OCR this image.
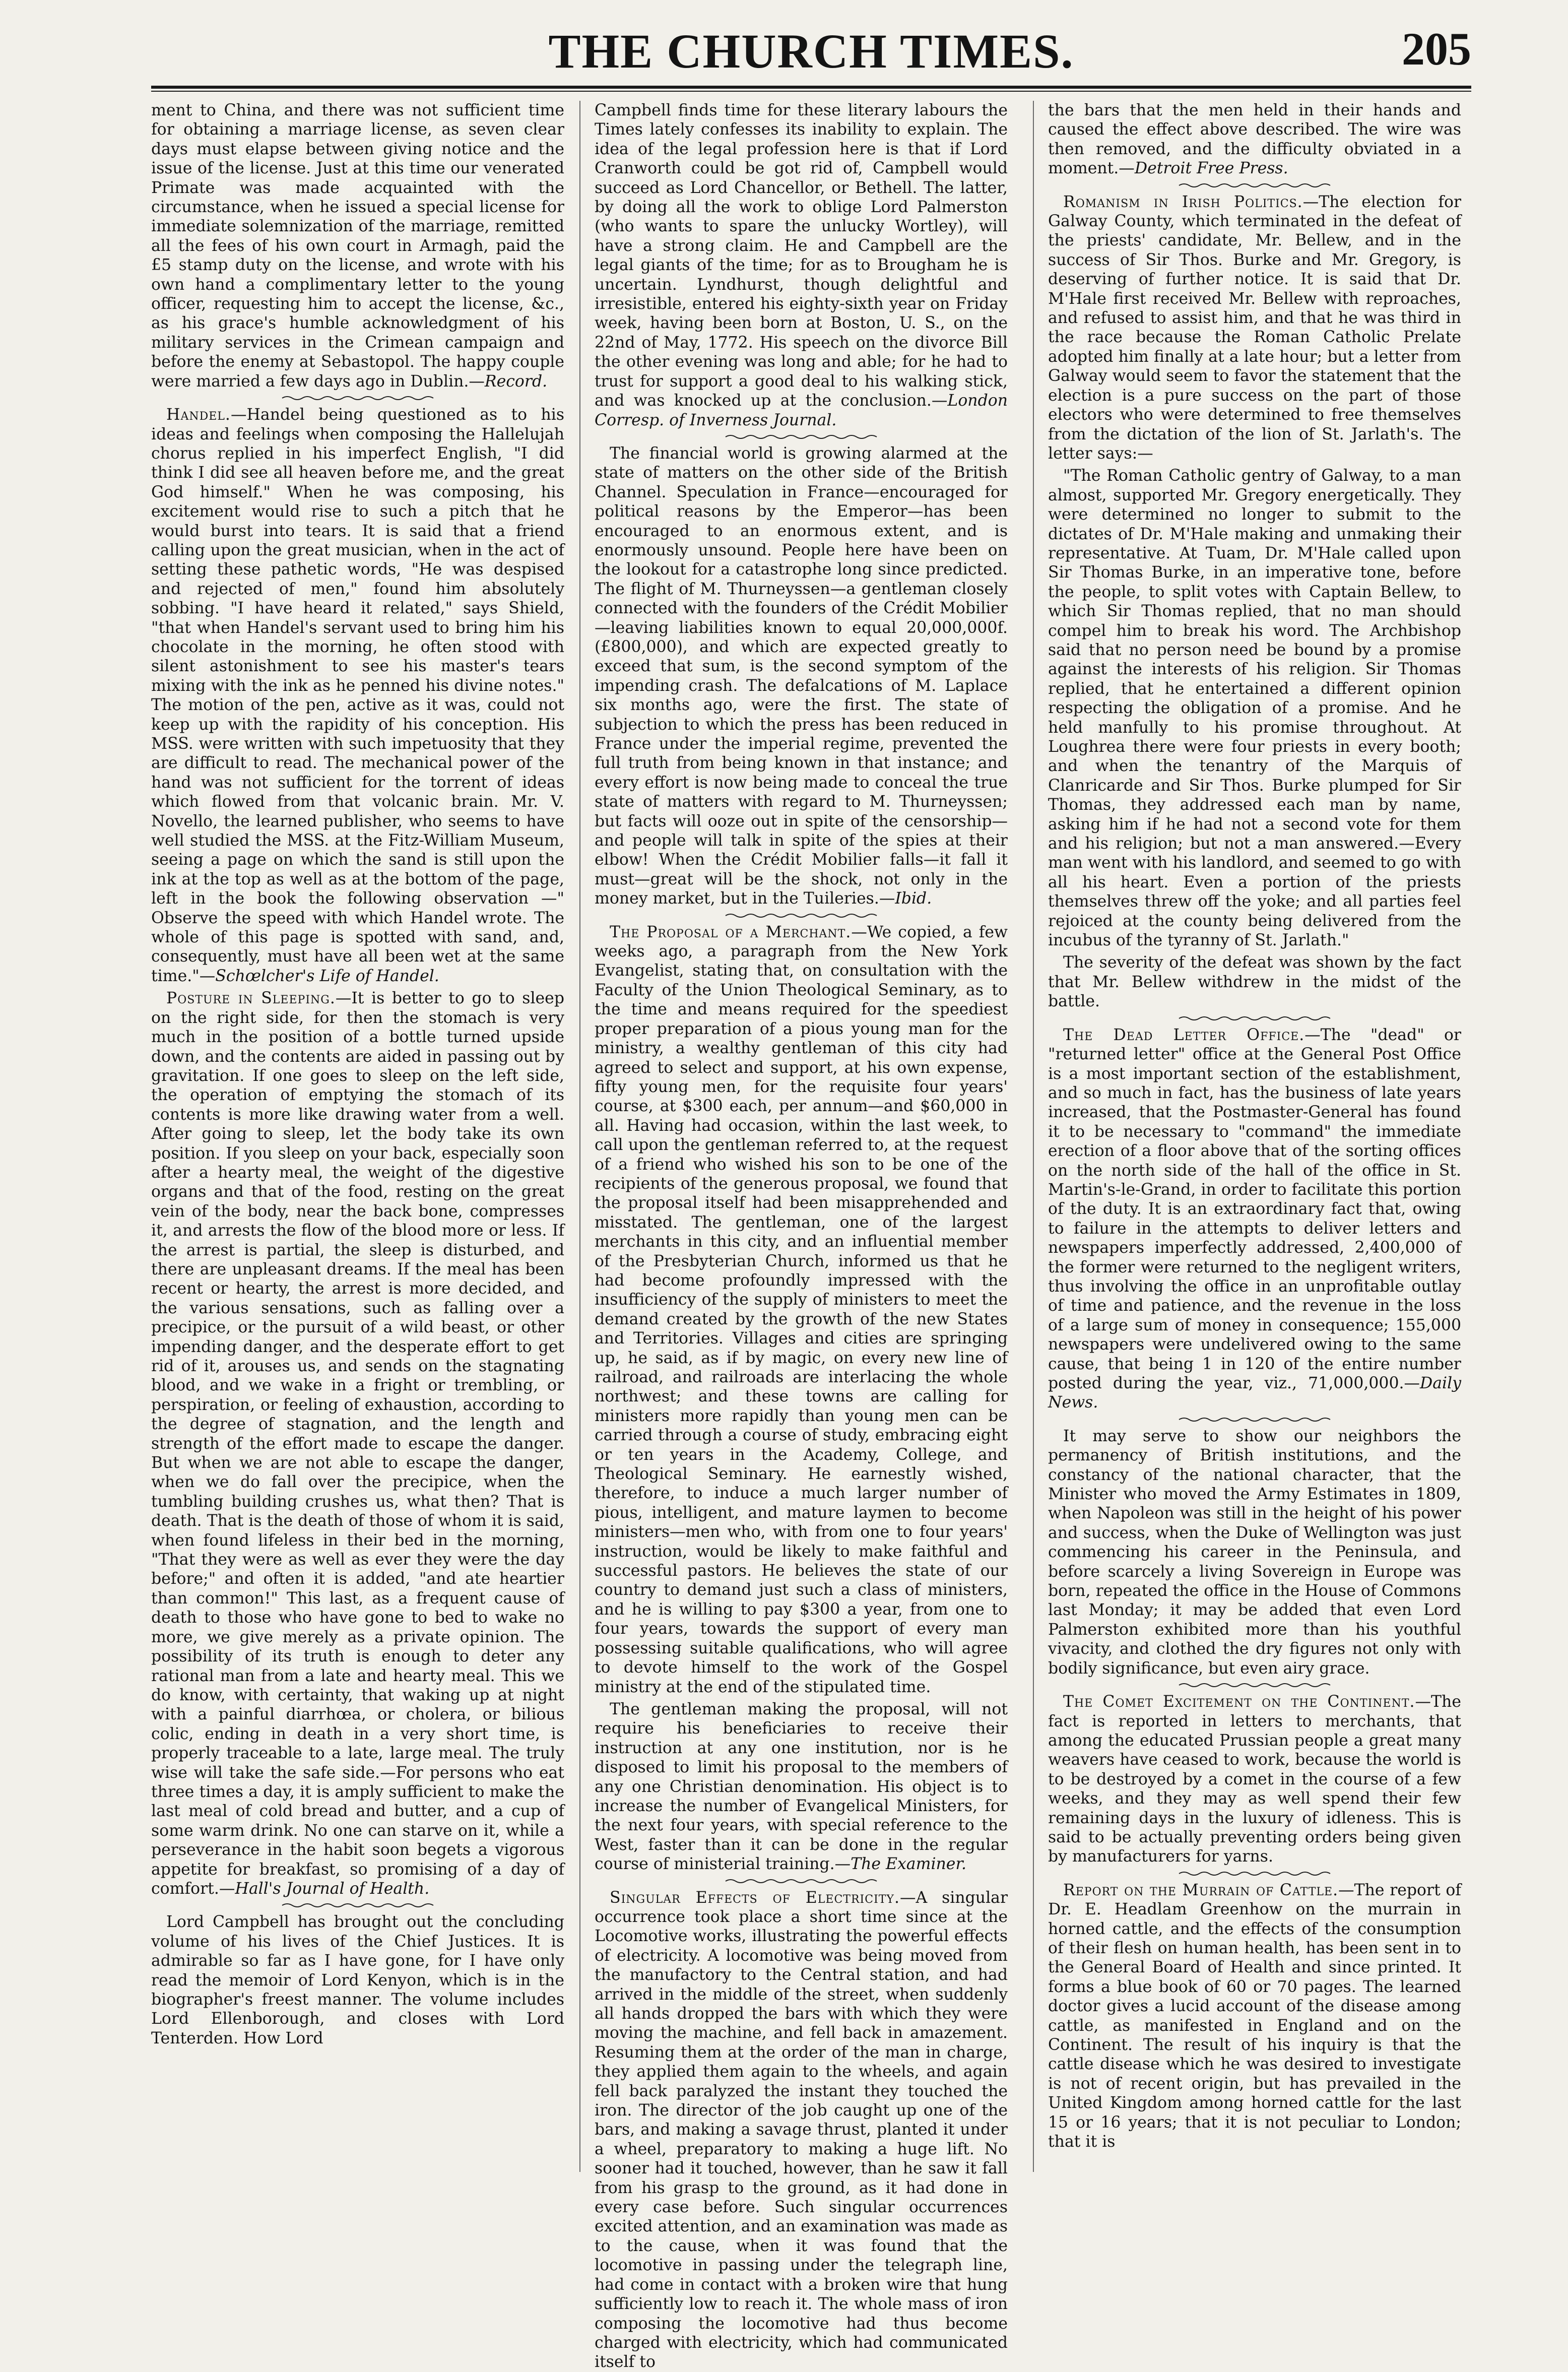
THE CHURCH TIMES.	205

ment to China, and there was not sufficient time for obtaining a marriage license, as seven clear days must elapse between giving notice and the issue of the license. Just at this time our venerated Primate was made acquainted with the circumstance, when he issued a special license for immediate solemnization of the marriage, remitted all the fees of his own court in Armagh, paid the £5 stamp duty on the license, and wrote with his own hand a complimentary letter to the young officer, requesting him to accept the license, &c., as his grace's humble acknowledgment of his military services in the Crimean campaign and before the enemy at Sebastopol. The happy couple were married a few days ago in Dublin.—Record.

Handel.—Handel being questioned as to his ideas and feelings when composing the Hallelujah chorus replied in his imperfect English, "I did think I did see all heaven before me, and the great God himself." When he was composing, his excitement would rise to such a pitch that he would burst into tears. It is said that a friend calling upon the great musician, when in the act of setting these pathetic words, "He was despised and rejected of men," found him absolutely sobbing. "I have heard it related," says Shield, "that when Handel's servant used to bring him his chocolate in the morning, he often stood with silent astonishment to see his master's tears mixing with the ink as he penned his divine notes." The motion of the pen, active as it was, could not keep up with the rapidity of his conception. His MSS. were written with such impetuosity that they are difficult to read. The mechanical power of the hand was not sufficient for the torrent of ideas which flowed from that volcanic brain. Mr. V. Novello, the learned publisher, who seems to have well studied the MSS. at the Fitz-William Museum, seeing a page on which the sand is still upon the ink at the top as well as at the bottom of the page, left in the book the following observation —" Observe the speed with which Handel wrote. The whole of this page is spotted with sand, and, consequently, must have all been wet at the same time."—Schœlcher's Life of Handel.

Posture in Sleeping.—It is better to go to sleep on the right side, for then the stomach is very much in the position of a bottle turned upside down, and the contents are aided in passing out by gravitation. If one goes to sleep on the left side, the operation of emptying the stomach of its contents is more like drawing water from a well. After going to sleep, let the body take its own position. If you sleep on your back, especially soon after a hearty meal, the weight of the digestive organs and that of the food, resting on the great vein of the body, near the back bone, compresses it, and arrests the flow of the blood more or less. If the arrest is partial, the sleep is disturbed, and there are unpleasant dreams. If the meal has been recent or hearty, the arrest is more decided, and the various sensations, such as falling over a precipice, or the pursuit of a wild beast, or other impending danger, and the desperate effort to get rid of it, arouses us, and sends on the stagnating blood, and we wake in a fright or trembling, or perspiration, or feeling of exhaustion, according to the degree of stagnation, and the length and strength of the effort made to escape the danger. But when we are not able to escape the danger, when we do fall over the precipice, when the tumbling building crushes us, what then? That is death. That is the death of those of whom it is said, when found lifeless in their bed in the morning, "That they were as well as ever they were the day before;" and often it is added, "and ate heartier than common!" This last, as a frequent cause of death to those who have gone to bed to wake no more, we give merely as a private opinion. The possibility of its truth is enough to deter any rational man from a late and hearty meal. This we do know, with certainty, that waking up at night with a painful diarrhœa, or cholera, or bilious colic, ending in death in a very short time, is properly traceable to a late, large meal. The truly wise will take the safe side.—For persons who eat three times a day, it is amply sufficient to make the last meal of cold bread and butter, and a cup of some warm drink. No one can starve on it, while a perseverance in the habit soon begets a vigorous appetite for breakfast, so promising of a day of comfort.—Hall's Journal of Health.

Lord Campbell has brought out the concluding volume of his lives of the Chief Justices. It is admirable so far as I have gone, for I have only read the memoir of Lord Kenyon, which is in the biographer's freest manner. The volume includes Lord Ellenborough, and closes with Lord Tenterden. How Lord

Campbell finds time for these literary labours the Times lately confesses its inability to explain. The idea of the legal profession here is that if Lord Cranworth could be got rid of, Campbell would succeed as Lord Chancellor, or Bethell. The latter, by doing all the work to oblige Lord Palmerston (who wants to spare the unlucky Wortley), will have a strong claim. He and Campbell are the legal giants of the time; for as to Brougham he is uncertain. Lyndhurst, though delightful and irresistible, entered his eighty-sixth year on Friday week, having been born at Boston, U. S., on the 22nd of May, 1772. His speech on the divorce Bill the other evening was long and able; for he had to trust for support a good deal to his walking stick, and was knocked up at the conclusion.—London Corresp. of Inverness Journal.

The financial world is growing alarmed at the state of matters on the other side of the British Channel. Speculation in France—encouraged for political reasons by the Emperor—has been encouraged to an enormous extent, and is enormously unsound. People here have been on the lookout for a catastrophe long since predicted. The flight of M. Thurneyssen—a gentleman closely connected with the founders of the Crédit Mobilier—leaving liabilities known to equal 20,000,000f. (£800,000), and which are expected greatly to exceed that sum, is the second symptom of the impending crash. The defalcations of M. Laplace six months ago, were the first. The state of subjection to which the press has been reduced in France under the imperial regime, prevented the full truth from being known in that instance; and every effort is now being made to conceal the true state of matters with regard to M. Thurneyssen; but facts will ooze out in spite of the censorship—and people will talk in spite of the spies at their elbow! When the Crédit Mobilier falls—it fall it must—great will be the shock, not only in the money market, but in the Tuileries.—Ibid.

The Proposal of a Merchant.—We copied, a few weeks ago, a paragraph from the New York Evangelist, stating that, on consultation with the Faculty of the Union Theological Seminary, as to the time and means required for the speediest proper preparation of a pious young man for the ministry, a wealthy gentleman of this city had agreed to select and support, at his own expense, fifty young men, for the requisite four years' course, at $300 each, per annum—and $60,000 in all. Having had occasion, within the last week, to call upon the gentleman referred to, at the request of a friend who wished his son to be one of the recipients of the generous proposal, we found that the proposal itself had been misapprehended and misstated. The gentleman, one of the largest merchants in this city, and an influential member of the Presbyterian Church, informed us that he had become profoundly impressed with the insufficiency of the supply of ministers to meet the demand created by the growth of the new States and Territories. Villages and cities are springing up, he said, as if by magic, on every new line of railroad, and railroads are interlacing the whole northwest; and these towns are calling for ministers more rapidly than young men can be carried through a course of study, embracing eight or ten years in the Academy, College, and Theological Seminary. He earnestly wished, therefore, to induce a much larger number of pious, intelligent, and mature laymen to become ministers—men who, with from one to four years' instruction, would be likely to make faithful and successful pastors. He believes the state of our country to demand just such a class of ministers, and he is willing to pay $300 a year, from one to four years, towards the support of every man possessing suitable qualifications, who will agree to devote himself to the work of the Gospel ministry at the end of the stipulated time.

The gentleman making the proposal, will not require his beneficiaries to receive their instruction at any one institution, nor is he disposed to limit his proposal to the members of any one Christian denomination. His object is to increase the number of Evangelical Ministers, for the next four years, with special reference to the West, faster than it can be done in the regular course of ministerial training.—The Examiner.

Singular Effects of Electricity.—A singular occurrence took place a short time since at the Locomotive works, illustrating the powerful effects of electricity. A locomotive was being moved from the manufactory to the Central station, and had arrived in the middle of the street, when suddenly all hands dropped the bars with which they were moving the machine, and fell back in amazement. Resuming them at the order of the man in charge, they applied them again to the wheels, and again fell back paralyzed the instant they touched the iron. The director of the job caught up one of the bars, and making a savage thrust, planted it under a wheel, preparatory to making a huge lift. No sooner had it touched, however, than he saw it fall from his grasp to the ground, as it had done in every case before. Such singular occurrences excited attention, and an examination was made as to the cause, when it was found that the locomotive in passing under the telegraph line, had come in contact with a broken wire that hung sufficiently low to reach it. The whole mass of iron composing the locomotive had thus become charged with electricity, which had communicated itself to

the bars that the men held in their hands and caused the effect above described. The wire was then removed, and the difficulty obviated in a moment.—Detroit Free Press.

Romanism in Irish Politics.—The election for Galway County, which terminated in the defeat of the priests' candidate, Mr. Bellew, and in the success of Sir Thos. Burke and Mr. Gregory, is deserving of further notice. It is said that Dr. M'Hale first received Mr. Bellew with reproaches, and refused to assist him, and that he was third in the race because the Roman Catholic Prelate adopted him finally at a late hour; but a letter from Galway would seem to favor the statement that the election is a pure success on the part of those electors who were determined to free themselves from the dictation of the lion of St. Jarlath's. The letter says:—

"The Roman Catholic gentry of Galway, to a man almost, supported Mr. Gregory energetically. They were determined no longer to submit to the dictates of Dr. M'Hale making and unmaking their representative. At Tuam, Dr. M'Hale called upon Sir Thomas Burke, in an imperative tone, before the people, to split votes with Captain Bellew, to which Sir Thomas replied, that no man should compel him to break his word. The Archbishop said that no person need be bound by a promise against the interests of his religion. Sir Thomas replied, that he entertained a different opinion respecting the obligation of a promise. And he held manfully to his promise throughout. At Loughrea there were four priests in every booth; and when the tenantry of the Marquis of Clanricarde and Sir Thos. Burke plumped for Sir Thomas, they addressed each man by name, asking him if he had not a second vote for them and his religion; but not a man answered.—Every man went with his landlord, and seemed to go with all his heart. Even a portion of the priests themselves threw off the yoke; and all parties feel rejoiced at the county being delivered from the incubus of the tyranny of St. Jarlath."

The severity of the defeat was shown by the fact that Mr. Bellew withdrew in the midst of the battle.

The Dead Letter Office.—The "dead" or "returned letter" office at the General Post Office is a most important section of the establishment, and so much in fact, has the business of late years increased, that the Postmaster-General has found it to be necessary to "command" the immediate erection of a floor above that of the sorting offices on the north side of the hall of the office in St. Martin's-le-Grand, in order to facilitate this portion of the duty. It is an extraordinary fact that, owing to failure in the attempts to deliver letters and newspapers imperfectly addressed, 2,400,000 of the former were returned to the negligent writers, thus involving the office in an unprofitable outlay of time and patience, and the revenue in the loss of a large sum of money in consequence; 155,000 newspapers were undelivered owing to the same cause, that being 1 in 120 of the entire number posted during the year, viz., 71,000,000.—Daily News.

It may serve to show our neighbors the permanency of British institutions, and the constancy of the national character, that the Minister who moved the Army Estimates in 1809, when Napoleon was still in the height of his power and success, when the Duke of Wellington was just commencing his career in the Peninsula, and before scarcely a living Sovereign in Europe was born, repeated the office in the House of Commons last Monday; it may be added that even Lord Palmerston exhibited more than his youthful vivacity, and clothed the dry figures not only with bodily significance, but even airy grace.

The Comet Excitement on the Continent.—The fact is reported in letters to merchants, that among the educated Prussian people a great many weavers have ceased to work, because the world is to be destroyed by a comet in the course of a few weeks, and they may as well spend their few remaining days in the luxury of idleness. This is said to be actually preventing orders being given by manufacturers for yarns.

Report on the Murrain of Cattle.—The report of Dr. E. Headlam Greenhow on the murrain in horned cattle, and the effects of the consumption of their flesh on human health, has been sent in to the General Board of Health and since printed. It forms a blue book of 60 or 70 pages. The learned doctor gives a lucid account of the disease among cattle, as manifested in England and on the Continent. The result of his inquiry is that the cattle disease which he was desired to investigate is not of recent origin, but has prevailed in the United Kingdom among horned cattle for the last 15 or 16 years; that it is not peculiar to London; that it is
